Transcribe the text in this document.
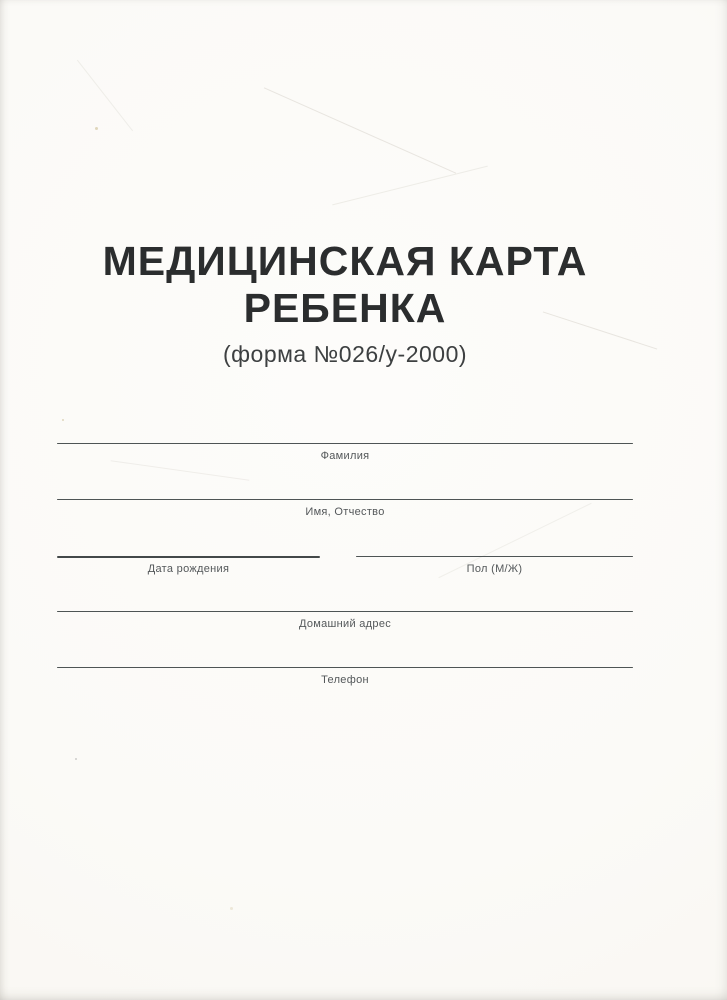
МЕДИЦИНСКАЯ КАРТА
РЕБЕНКА
(форма №026/у-2000)
Фамилия
Имя, Отчество
Дата рождения	Пол (М/Ж)
Домашний адрес
Телефон
